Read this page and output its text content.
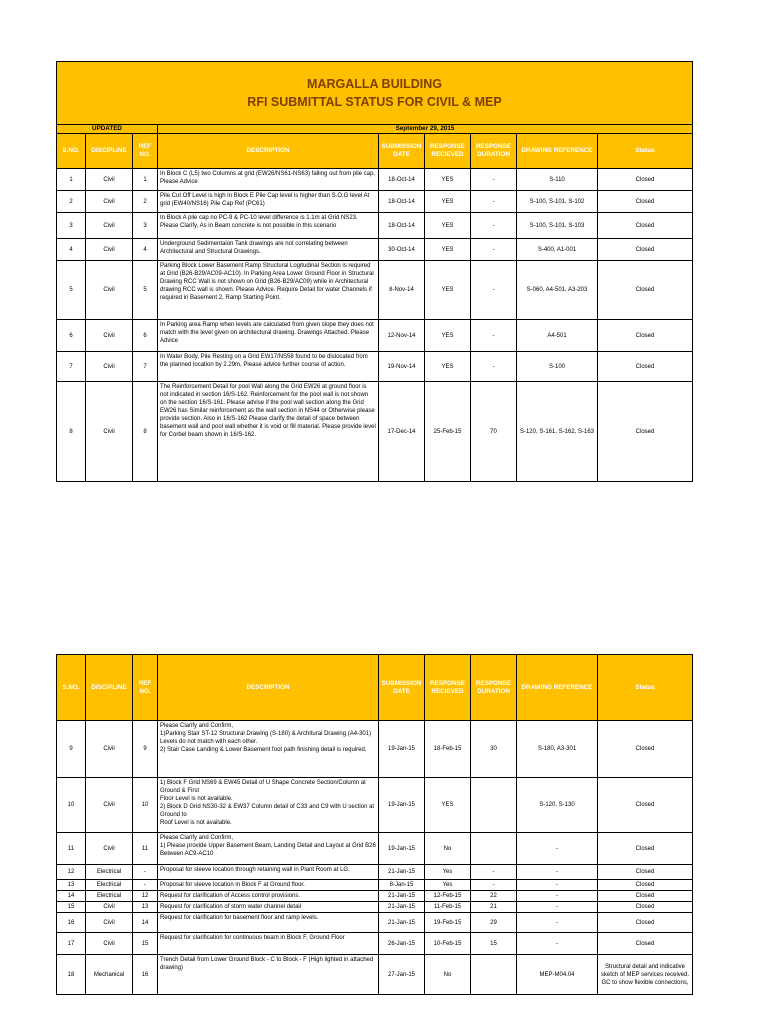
MARGALLA BUILDING
RFI SUBMITTAL STATUS FOR CIVIL & MEP								

UPDATED			September 29, 2015					
S.NO.	DISCIPLINE	REF NO.	DESCRIPTION	SUBMISSION DATE	RESPONSE RECIEVED	RESPONSE DURATION	DRAWING REFERENCE	Status
1	Civil	1	In Block C (L5) two Columns at grid (EW26/NS61-NS63) falling out from pile cap. Please Advice	18-Oct-14	YES	-	S-110	Closed
2	Civil	2	Pile Cut Off Level is high in Block E Pile Cap level is higher than S.O.G level At grid (EW40/NS16) Pile Cap Ref (PC61)	18-Oct-14	YES	-	S-100, S-101, S-102	Closed
3	Civil	3	In Block A pile cap no PC-9 & PC-10 level difference is 1.1m at Grid NS23. Please Clarify, As in Beam concrete is not possible in this scenario	18-Oct-14	YES	-	S-100, S-101, S-103	Closed
4	Civil	4	Underground Sedimentaion Tank drawings are not correlating between Architectural and Structural Drawings.	30-Oct-14	YES	-	S-400, A1-001	Closed
5	Civil	5	Parking Block Lower Basement Ramp Structural Logitudinal Section is required at Grid (B26-B29/AC09-AC10). In Parking Area Lower Ground Floor in Structural Drawing RCC Wall is not shown on Grid (B26-B29/AC09) while in Architectural drawing RCC wall is shown. Please Advice. Require Detail for water Channels if required in Basement 2, Ramp Starting Point.	8-Nov-14	YES	-	S-060, A4-501, A3-203	Closed
6	Civil	6	In Parking area Ramp when levels are calculated from given slope they does not match with the level given on architectural drawing. Drawings Attached. Please Advice	12-Nov-14	YES	-	A4-501	Closed
7	Civil	7	In Water Body, Pile Resting on a Grid EW17/NS58 found to be dislocated from the planned location by 2.29m, Please advice further course of action.	19-Nov-14	YES	-	S-100	Closed
8	Civil	8	The Reinforcement Detail for pool Wall along the Grid EW26 at ground floor is not indicated in section 16/S-162. Reinforcement for the pool wall is not shown on the section 16/S-161. Please advise if the pool wall section along the Grid EW26 has Similar reinforcement as the wall section in NS44 or Otherwise please provide section. Also in 16/S-162 Please clarify the detail of space between basement wall and pool wall whether it is void or fill material. Please provide level for Corbel beam shown in 16/S-162.	17-Dec-14	25-Feb-15	70	S-120, S-161, S-162, S-163	Closed
S.NO.	DISCIPLINE	REF NO.	DESCRIPTION	SUBMISSION DATE	RESPONSE RECIEVED	RESPONSE DURATION	DRAWING REFERENCE	Status
9	Civil	9	Please Clarify and Confirm,
1)Parking Stair ST-12 Structural Drawing (S-180) & Architural Drawing (A4-301) Levels do not match with each other.
2) Stair Case Landing & Lower Basement foot path finishing detail is required.	19-Jan-15	18-Feb-15	30	S-180, A3-301	Closed
10	Civil	10	1) Block F Grid NS69 & EW45 Detail of U Shape Concrete Section/Column at Ground & First
Floor Level is not available.
2) Block D Grid NS30-32 & EW37 Column detail of C33 and C9 with U section at Ground to
Roof Level is not available.	19-Jan-15	YES		S-120, S-130	Closed
11	Civil	11	Please Clarify and Confirm,
1) Please provide Upper Basement Beam, Landing Detail and Layout at Grid B26 Between AC9-AC10	19-Jan-15	No		-	Closed
12	Electrical	-	Proposal for sleeve location through retaining wall in Plant Room at LG.	21-Jan-15	Yes	-	-	Closed
13	Electrical	-	Proposal for sleeve location in Block F at Ground floor.	8-Jan-15	Yes	-	-	Closed
14	Electrical	12	Request for clarification of Access control provisions.	21-Jan-15	12-Feb-15	22	-	Closed
15	Civil	13	Request for clarification of storm water channel detail	21-Jan-15	11-Feb-15	21	-	Closed
16	Civil	14	Request for clarification for basement floor and ramp levels.	21-Jan-15	19-Feb-15	29	-	Closed
17	Civil	15	Request for clarification for continuous beam in Block F, Ground Floor	26-Jan-15	10-Feb-15	15	-	Closed
18	Mechanical	16	Trench Detail from Lower Ground Block - C to Block - F (High lighted in attached drawing)	27-Jan-15	No		MEP-M04.04	Structural detail and indicative sketch of MEP services received. GC to show flexible connections,
